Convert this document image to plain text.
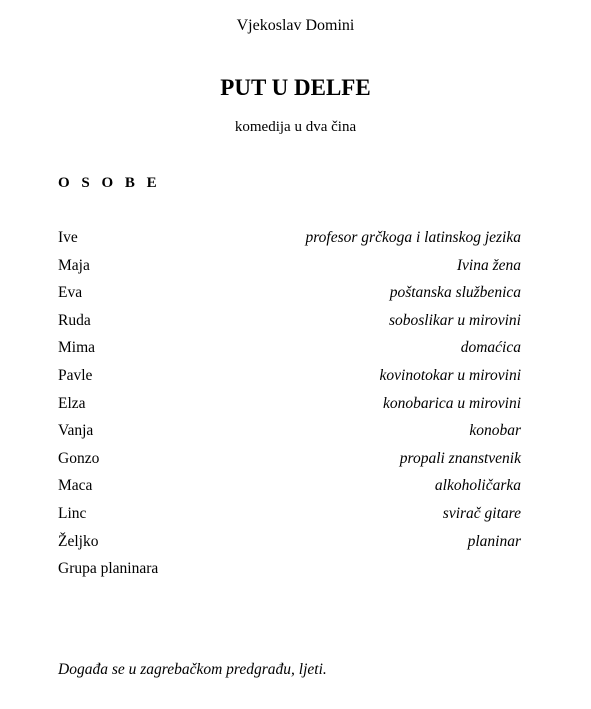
Vjekoslav Domini
PUT U DELFE
komedija u dva čina
O S O B E
Ive	profesor grčkoga i latinskog jezika
Maja	Ivina žena
Eva	poštanska službenica
Ruda	soboslikar u mirovini
Mima	domaćica
Pavle	kovinotokar u mirovini
Elza	konobarica u mirovini
Vanja	konobar
Gonzo	propali znanstvenik
Maca	alkoholičarka
Linc	svirač gitare
Željko	planinar
Grupa planinara
Događa se u zagrebačkom predgrađu, ljeti.
